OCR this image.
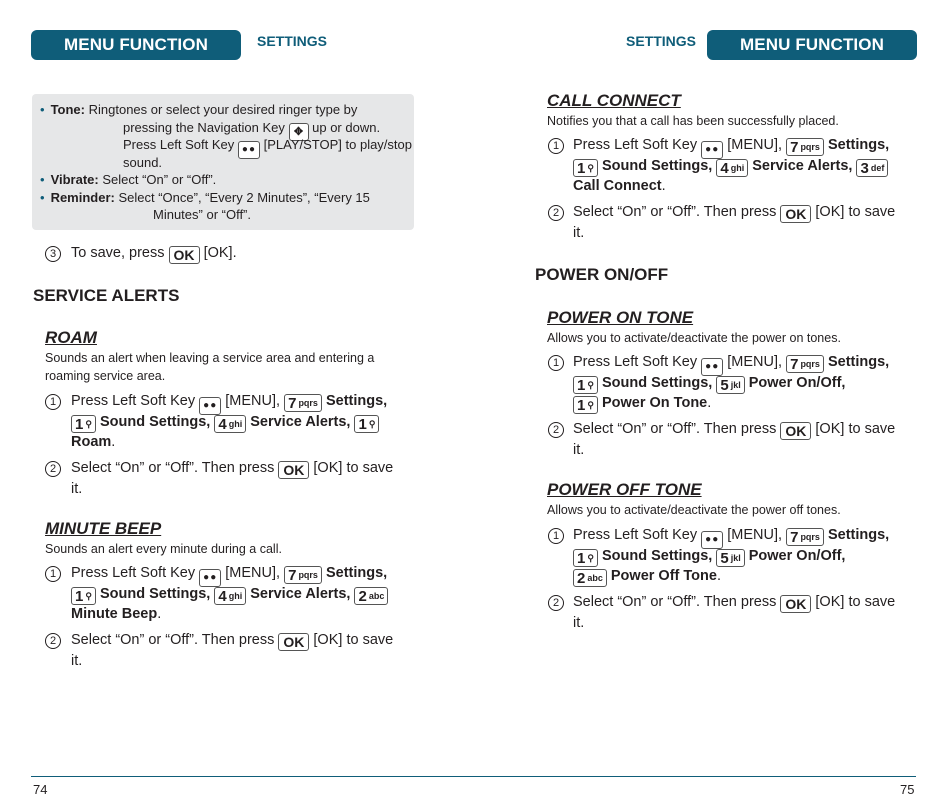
MENU FUNCTION	SETTINGS
• Tone: Ringtones or select your desired ringer type by
pressing the Navigation Key ✥ up or down.
Press Left Soft Key ●● [PLAY/STOP] to play/stop
sound.
• Vibrate: Select “On” or “Off”.
• Reminder: Select “Once”, “Every 2 Minutes”, “Every 15
Minutes” or “Off”.
3	To save, press OK [OK].
SERVICE ALERTS
ROAM
Sounds an alert when leaving a service area and entering a
roaming service area.
1	Press Left Soft Key ●● [MENU], 7 pqrs Settings,
1 ⚲ Sound Settings, 4 ghi Service Alerts, 1 ⚲
Roam.
2	Select “On” or “Off”. Then press OK [OK] to save
it.
MINUTE BEEP
Sounds an alert every minute during a call.
1	Press Left Soft Key ●● [MENU], 7 pqrs Settings,
1 ⚲ Sound Settings, 4 ghi Service Alerts, 2 abc
Minute Beep.
2	Select “On” or “Off”. Then press OK [OK] to save
it.
74
SETTINGS	MENU FUNCTION
CALL CONNECT
Notifies you that a call has been successfully placed.
1 Press Left Soft Key ●● [MENU], 7 pqrs Settings,
1 ⚲ Sound Settings, 4 ghi Service Alerts, 3 def
Call Connect.
2 Select “On” or “Off”. Then press OK [OK] to save
it.
POWER ON/OFF
POWER ON TONE
Allows you to activate/deactivate the power on tones.
1 Press Left Soft Key ●● [MENU], 7 pqrs Settings,
1 ⚲ Sound Settings, 5 jkl Power On/Off,
1 ⚲ Power On Tone.
2 Select “On” or “Off”. Then press OK [OK] to save
it.
POWER OFF TONE
Allows you to activate/deactivate the power off tones.
1 Press Left Soft Key ●● [MENU], 7 pqrs Settings,
1 ⚲ Sound Settings, 5 jkl Power On/Off,
2 abc Power Off Tone.
2 Select “On” or “Off”. Then press OK [OK] to save
it.
75
